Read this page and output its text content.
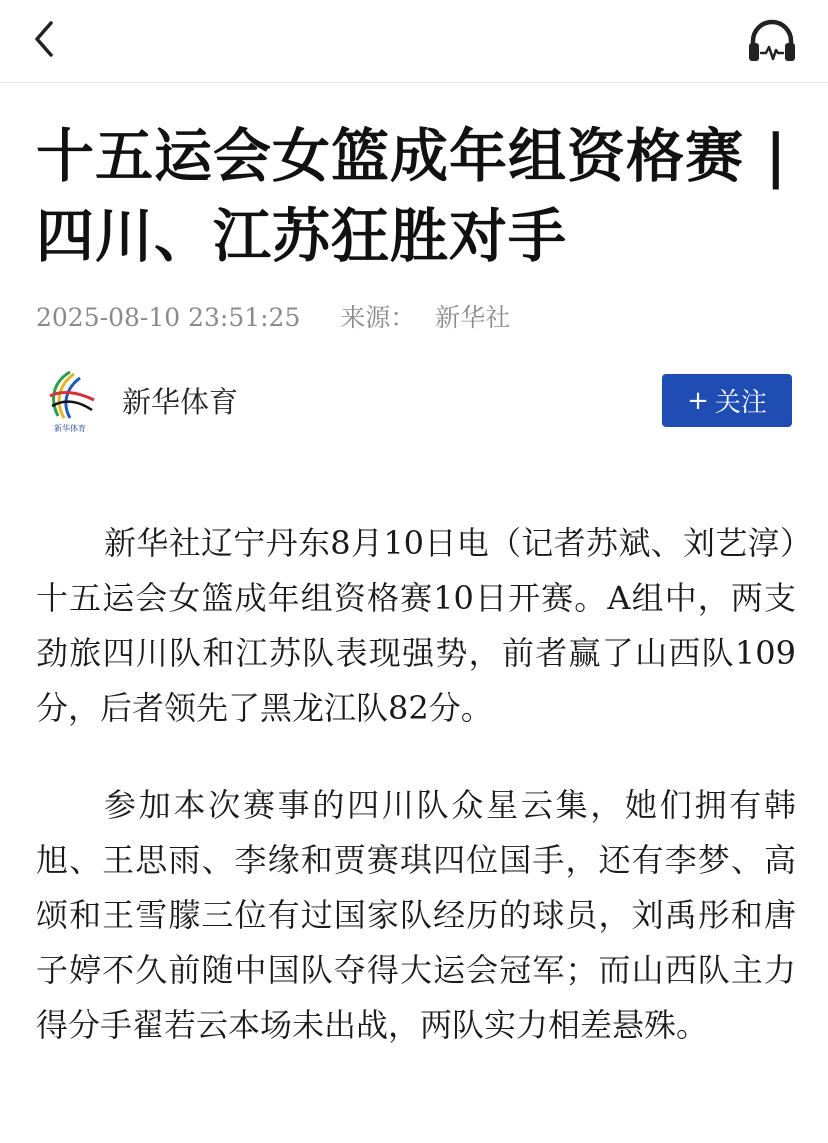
十五运会女篮成年组资格赛 | 四川、江苏狂胜对手
2025-08-10 23:51:25 来源： 新华社
新华体育
新华体育	+ 关注

新华社辽宁丹东8月10日电（记者苏斌、刘艺淳）十五运会女篮成年组资格赛10日开赛。A组中，两支劲旅四川队和江苏队表现强势，前者赢了山西队109分，后者领先了黑龙江队82分。

参加本次赛事的四川队众星云集，她们拥有韩旭、王思雨、李缘和贾赛琪四位国手，还有李梦、高颂和王雪朦三位有过国家队经历的球员，刘禹彤和唐子婷不久前随中国队夺得大运会冠军；而山西队主力得分手翟若云本场未出战，两队实力相差悬殊。
